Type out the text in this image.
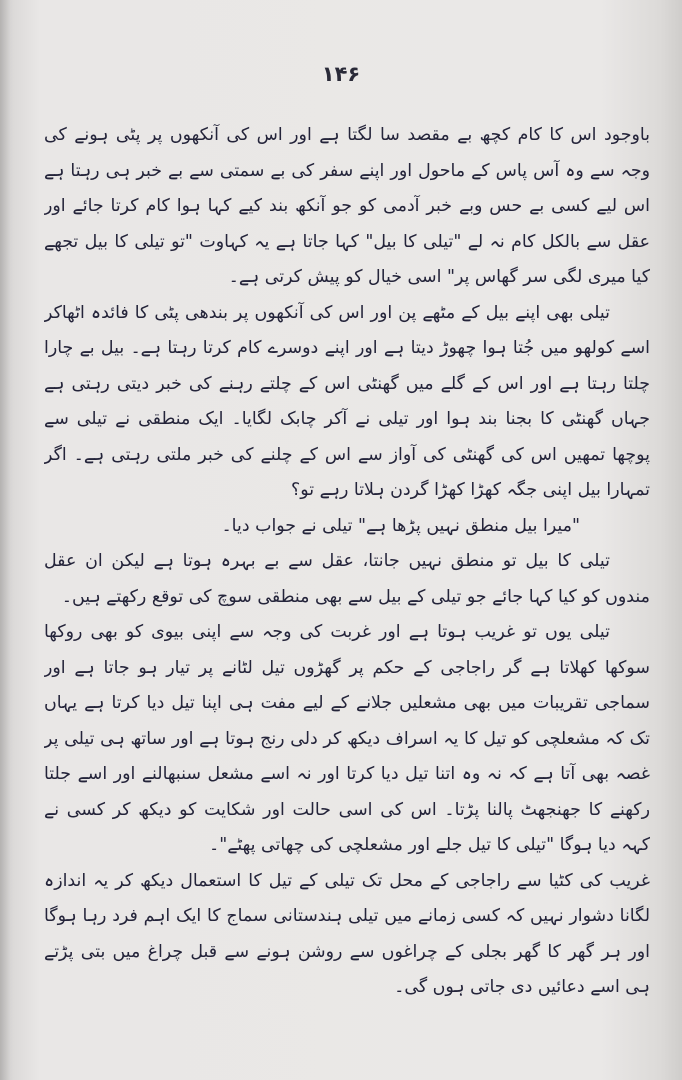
۱۴۶

باوجود اس کا کام کچھ بے مقصد سا لگتا ہے اور اس کی آنکھوں پر پٹی ہونے کی وجہ سے وہ آس پاس کے ماحول اور اپنے سفر کی بے سمتی سے بے خبر ہی رہتا ہے اس لیے کسی بے حس وبے خبر آدمی کو جو آنکھ بند کیے کہا ہوا کام کرتا جائے اور عقل سے بالکل کام نہ لے "تیلی کا بیل" کہا جاتا ہے یہ کہاوت "تو تیلی کا بیل تجھے کیا میری لگی سر گھاس پر" اسی خیال کو پیش کرتی ہے۔

تیلی بھی اپنے بیل کے مٹھے پن اور اس کی آنکھوں پر بندھی پٹی کا فائدہ اٹھاکر اسے کولھو میں جُتا ہوا چھوڑ دیتا ہے اور اپنے دوسرے کام کرتا رہتا ہے۔ بیل بے چارا چلتا رہتا ہے اور اس کے گلے میں گھنٹی اس کے چلتے رہنے کی خبر دیتی رہتی ہے جہاں گھنٹی کا بجنا بند ہوا اور تیلی نے آکر چابک لگایا۔ ایک منطقی نے تیلی سے پوچھا تمھیں اس کی گھنٹی کی آواز سے اس کے چلنے کی خبر ملتی رہتی ہے۔ اگر تمہارا بیل اپنی جگہ کھڑا کھڑا گردن ہلاتا رہے تو؟

"میرا بیل منطق نہیں پڑھا ہے" تیلی نے جواب دیا۔

تیلی کا بیل تو منطق نہیں جانتا، عقل سے بے بہرہ ہوتا ہے لیکن ان عقل مندوں کو کیا کہا جائے جو تیلی کے بیل سے بھی منطقی سوچ کی توقع رکھتے ہیں۔

تیلی یوں تو غریب ہوتا ہے اور غربت کی وجہ سے اپنی بیوی کو بھی روکھا سوکھا کھلاتا ہے گر راجاجی کے حکم پر گھڑوں تیل لٹانے پر تیار ہو جاتا ہے اور سماجی تقریبات میں بھی مشعلیں جلانے کے لیے مفت ہی اپنا تیل دیا کرتا ہے یہاں تک کہ مشعلچی کو تیل کا یہ اسراف دیکھ کر دلی رنج ہوتا ہے اور ساتھ ہی تیلی پر غصہ بھی آتا ہے کہ نہ وہ اتنا تیل دیا کرتا اور نہ اسے مشعل سنبھالنے اور اسے جلتا رکھنے کا جھنجھٹ پالنا پڑتا۔ اس کی اسی حالت اور شکایت کو دیکھ کر کسی نے کہہ دیا ہوگا "تیلی کا تیل جلے اور مشعلچی کی چھاتی پھٹے"۔

غریب کی کٹیا سے راجاجی کے محل تک تیلی کے تیل کا استعمال دیکھ کر یہ اندازہ لگانا دشوار نہیں کہ کسی زمانے میں تیلی ہندستانی سماج کا ایک اہم فرد رہا ہوگا اور ہر گھر کا گھر بجلی کے چراغوں سے روشن ہونے سے قبل چراغ میں بتی پڑتے ہی اسے دعائیں دی جاتی ہوں گی۔
